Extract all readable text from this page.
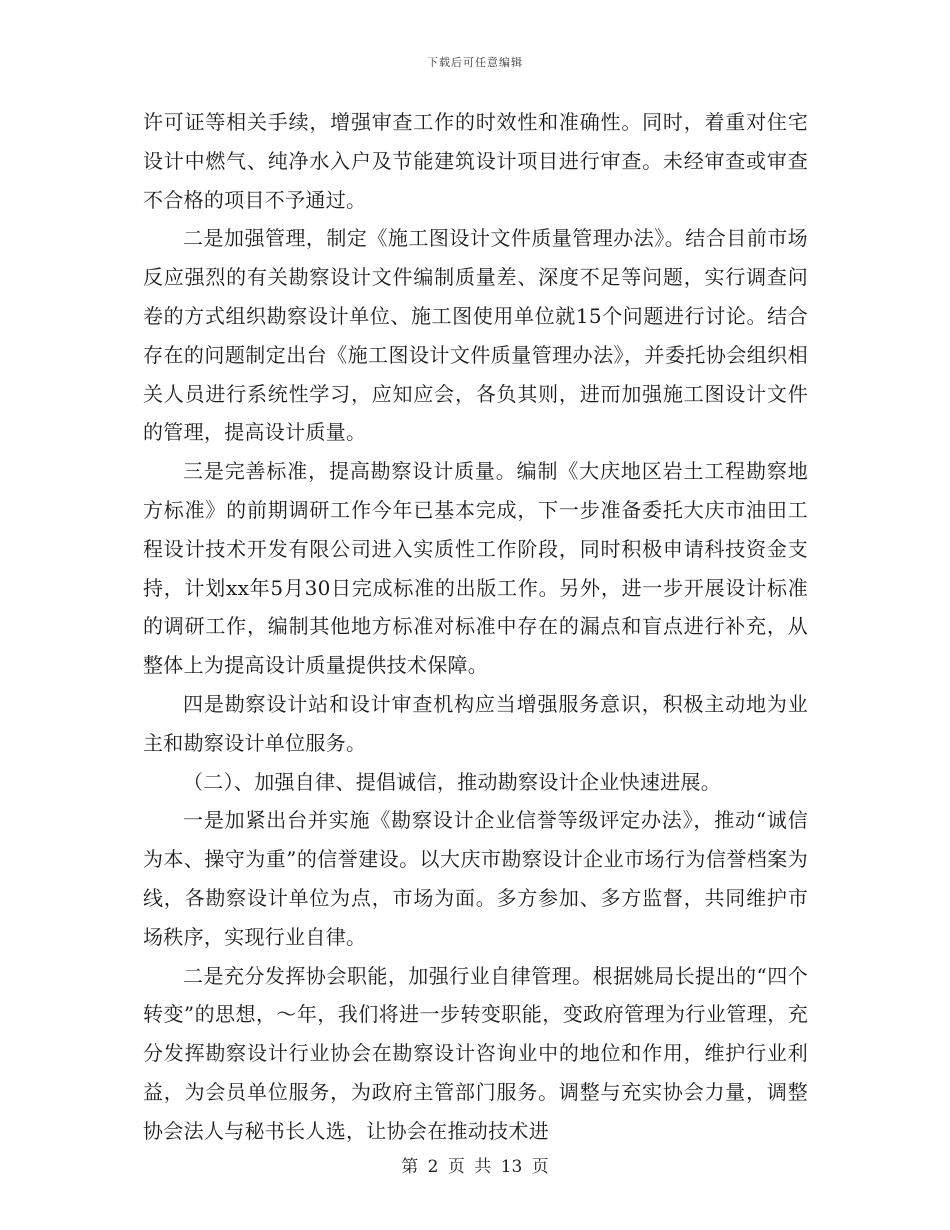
下载后可任意编辑

许可证等相关手续，增强审查工作的时效性和准确性。同时，着重对住宅设计中燃气、纯净水入户及节能建筑设计项目进行审查。未经审查或审查不合格的项目不予通过。

二是加强管理，制定《施工图设计文件质量管理办法》。结合目前市场反应强烈的有关勘察设计文件编制质量差、深度不足等问题，实行调查问卷的方式组织勘察设计单位、施工图使用单位就15个问题进行讨论。结合存在的问题制定出台《施工图设计文件质量管理办法》，并委托协会组织相关人员进行系统性学习，应知应会，各负其则，进而加强施工图设计文件的管理，提高设计质量。

三是完善标准，提高勘察设计质量。编制《大庆地区岩土工程勘察地方标准》的前期调研工作今年已基本完成，下一步准备委托大庆市油田工程设计技术开发有限公司进入实质性工作阶段，同时积极申请科技资金支持，计划xx年5月30日完成标准的出版工作。另外，进一步开展设计标准的调研工作，编制其他地方标准对标准中存在的漏点和盲点进行补充，从整体上为提高设计质量提供技术保障。

四是勘察设计站和设计审查机构应当增强服务意识，积极主动地为业主和勘察设计单位服务。

（二）、加强自律、提倡诚信，推动勘察设计企业快速进展。

一是加紧出台并实施《勘察设计企业信誉等级评定办法》，推动“诚信为本、操守为重”的信誉建设。以大庆市勘察设计企业市场行为信誉档案为线，各勘察设计单位为点，市场为面。多方参加、多方监督，共同维护市场秩序，实现行业自律。

二是充分发挥协会职能，加强行业自律管理。根据姚局长提出的“四个转变”的思想，～年，我们将进一步转变职能，变政府管理为行业管理，充分发挥勘察设计行业协会在勘察设计咨询业中的地位和作用，维护行业利益，为会员单位服务，为政府主管部门服务。调整与充实协会力量，调整协会法人与秘书长人选，让协会在推动技术进

第 2 页 共 13 页
